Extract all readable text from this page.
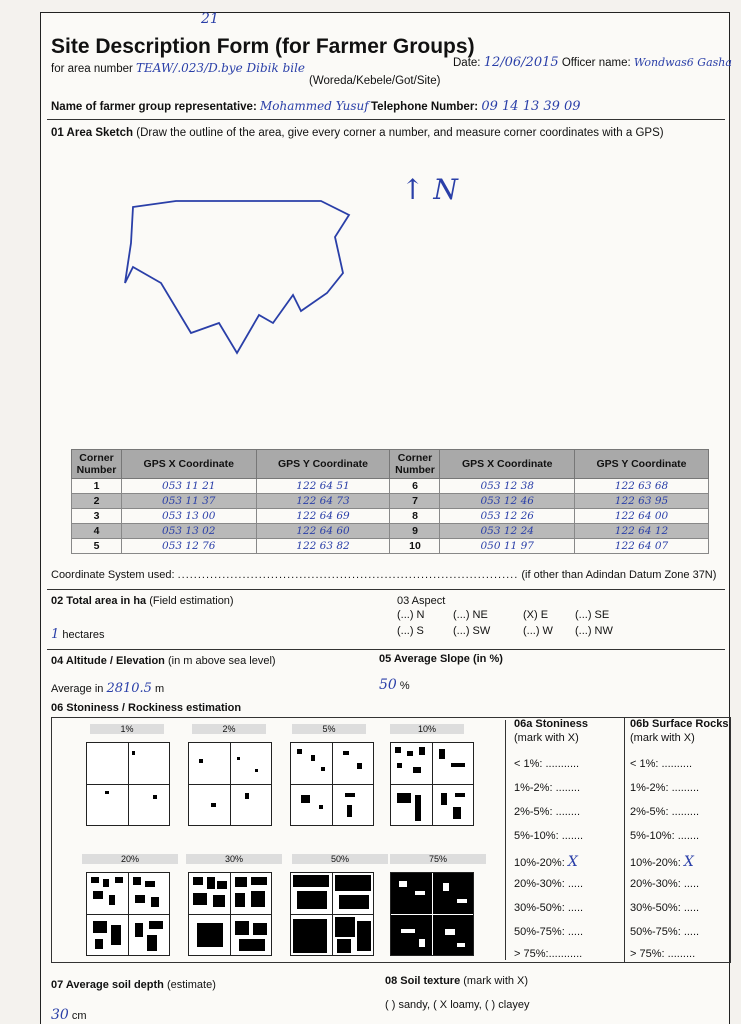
21
Site Description Form (for Farmer Groups)
for area number TEAW/.023/D.bye Dibik bile
(Woreda/Kebele/Got/Site)
Date: 12/06/2015 Officer name: Wondwas6 Gasha
Name of farmer group representative: Mohammed Yusuf Telephone Number: 09 14 13 39 09
01 Area Sketch (Draw the outline of the area, give every corner a number, and measure corner coordinates with a GPS)
↑ N
Corner Number	GPS X Coordinate	GPS Y Coordinate	Corner Number	GPS X Coordinate	GPS Y Coordinate
1	053 11 21	122 64 51	6	053 12 38	122 63 68
2	053 11 37	122 64 73	7	053 12 46	122 63 95
3	053 13 00	122 64 69	8	053 12 26	122 64 00
4	053 13 02	122 64 60	9	053 12 24	122 64 12
5	053 12 76	122 63 82	10	050 11 97	122 64 07
Coordinate System used: .................................................................................... (if other than Adindan Datum Zone 37N)
02 Total area in ha (Field estimation)
1 hectares
03 Aspect
(...) N	(...) NE	(X) E (...) SE
(...) S	(...) SW	(...) W (...) NW
04 Altitude / Elevation (in m above sea level)
Average in 2810.5 m
05 Average Slope (in %)
50 %
06 Stoniness / Rockiness estimation
1%	2%	5%	10%
20%	30%	50%	75%
06a Stoniness
(mark with X)
< 1%: ...........
1%-2%: ........
2%-5%: ........
5%-10%: .......
10%-20%: X
20%-30%: .....
30%-50%: .....
50%-75%: .....
> 75%:...........
06b Surface Rocks
(mark with X)
< 1%: ..........
1%-2%: .........
2%-5%: .........
5%-10%: .......
10%-20%: X
20%-30%: .....
30%-50%: .....
50%-75%: .....
> 75%: .........
07 Average soil depth (estimate)
30 cm
08 Soil texture (mark with X)
( ) sandy, ( X loamy, ( ) clayey
